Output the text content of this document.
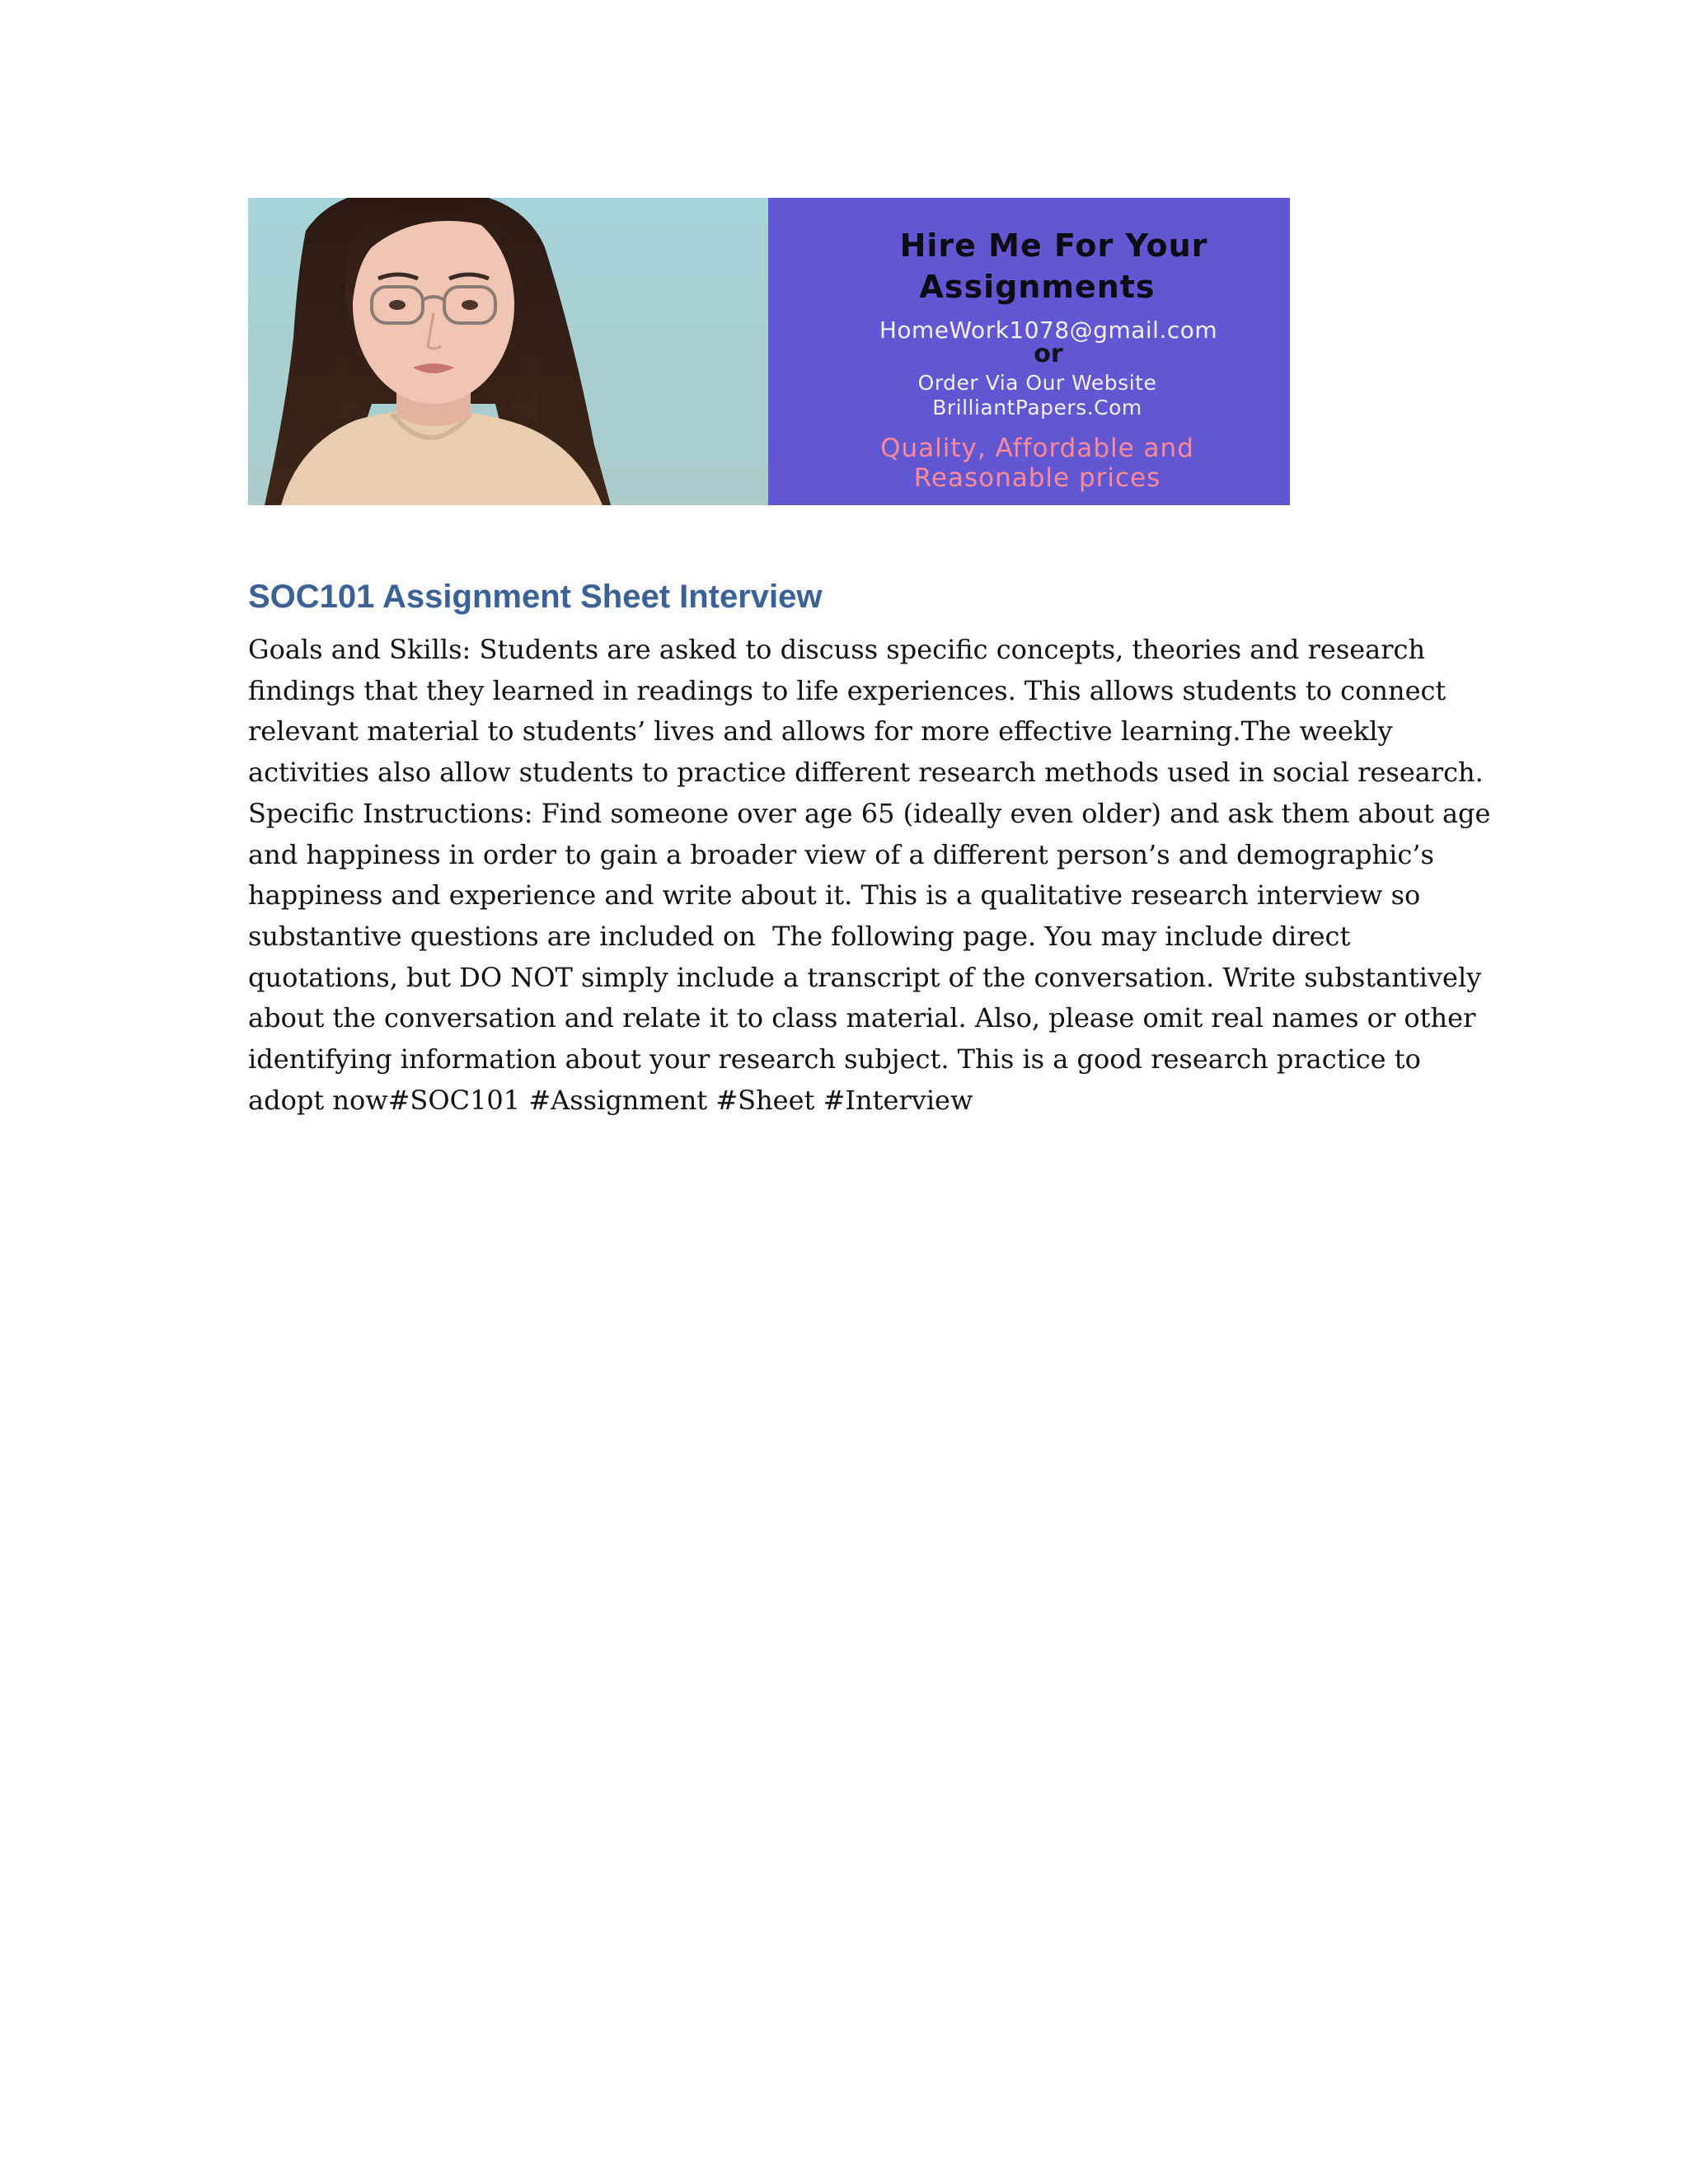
Hire Me For Your
Assignments
HomeWork1078@gmail.com
or
Order Via Our Website
BrilliantPapers.Com
Quality, Affordable and
Reasonable prices
SOC101 Assignment Sheet Interview

Goals and Skills: Students are asked to discuss specific concepts, theories and research
findings that they learned in readings to life experiences. This allows students to connect
relevant material to students’ lives and allows for more effective learning.The weekly
activities also allow students to practice different research methods used in social research.
Specific Instructions: Find someone over age 65 (ideally even older) and ask them about age
and happiness in order to gain a broader view of a different person’s and demographic’s
happiness and experience and write about it. This is a qualitative research interview so
substantive questions are included on  The following page. You may include direct
quotations, but DO NOT simply include a transcript of the conversation. Write substantively
about the conversation and relate it to class material. Also, please omit real names or other
identifying information about your research subject. This is a good research practice to
adopt now#SOC101 #Assignment #Sheet #Interview
